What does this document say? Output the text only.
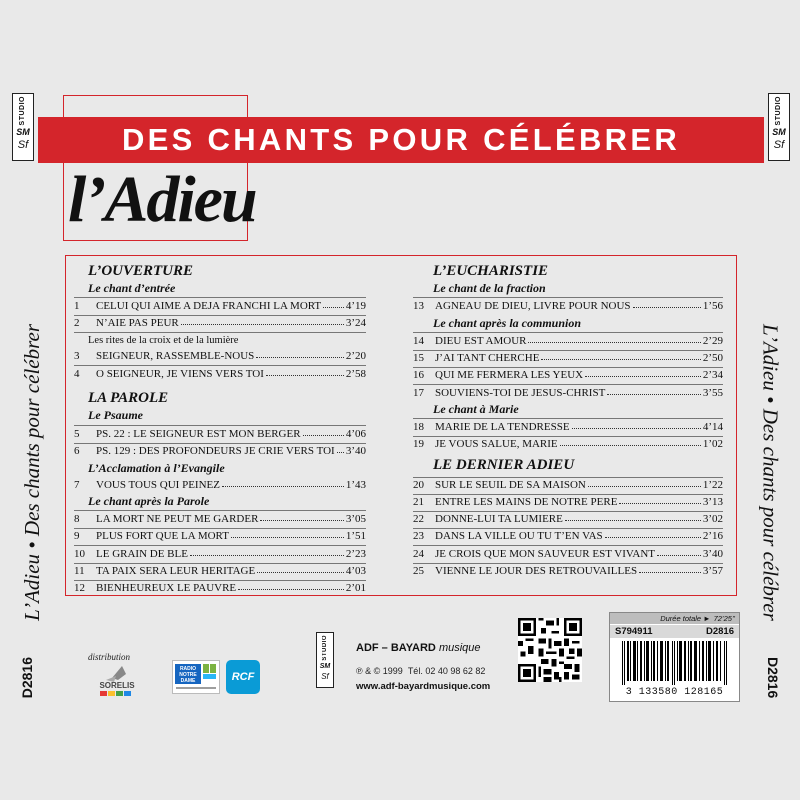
STUDIO
SM
Sf
STUDIO
SM
Sf
DES CHANTS POUR CÉLÉBRER
l’Adieu
L’Adieu • Des chants pour célébrer	L’Adieu • Des chants pour célébrer
D2816	D2816
L’OUVERTURE
Le chant d’entrée
1	CELUI QUI AIME A DEJA FRANCHI LA MORT 4’19
2	N’AIE PAS PEUR	3’24
Les rites de la croix et de la lumière
3	SEIGNEUR, RASSEMBLE-NOUS	2’20
4	O SEIGNEUR, JE VIENS VERS TOI	2’58
LA PAROLE
Le Psaume
5	PS. 22 : LE SEIGNEUR EST MON BERGER	4’06
6	PS. 129 : DES PROFONDEURS JE CRIE VERS TOI 3’40
L’Acclamation à l’Evangile
7	VOUS TOUS QUI PEINEZ	1’43
Le chant après la Parole
8	LA MORT NE PEUT ME GARDER	3’05
9	PLUS FORT QUE LA MORT	1’51
10	LE GRAIN DE BLE	2’23
11	TA PAIX SERA LEUR HERITAGE	4’03
12	BIENHEUREUX LE PAUVRE	2’01
L’EUCHARISTIE
Le chant de la fraction
13	AGNEAU DE DIEU, LIVRE POUR NOUS	1’56
Le chant après la communion
14	DIEU EST AMOUR	2’29
15	J’AI TANT CHERCHE	2’50
16	QUI ME FERMERA LES YEUX	2’34
17	SOUVIENS-TOI DE JESUS-CHRIST	3’55
Le chant à Marie
18	MARIE DE LA TENDRESSE	4’14
19	JE VOUS SALUE, MARIE	1’02
LE DERNIER ADIEU
20	SUR LE SEUIL DE SA MAISON	1’22
21	ENTRE LES MAINS DE NOTRE PERE	3’13
22	DONNE-LUI TA LUMIERE	3’02
23	DANS LA VILLE OU TU T’EN VAS	2’16
24	JE CROIS QUE MON SAUVEUR EST VIVANT	3’40
25	VIENNE LE JOUR DES RETROUVAILLES	3’57
distribution
SORELIS
RADIO
NOTRE
DAME	RCF
STUDIO
SM
Sf
ADF – BAYARD musique
℗ & © 1999 Tél. 02 40 98 62 82
www.adf-bayardmusique.com
Durée totale ► 72’25’’
S794911	D2816
3 133580 128165
